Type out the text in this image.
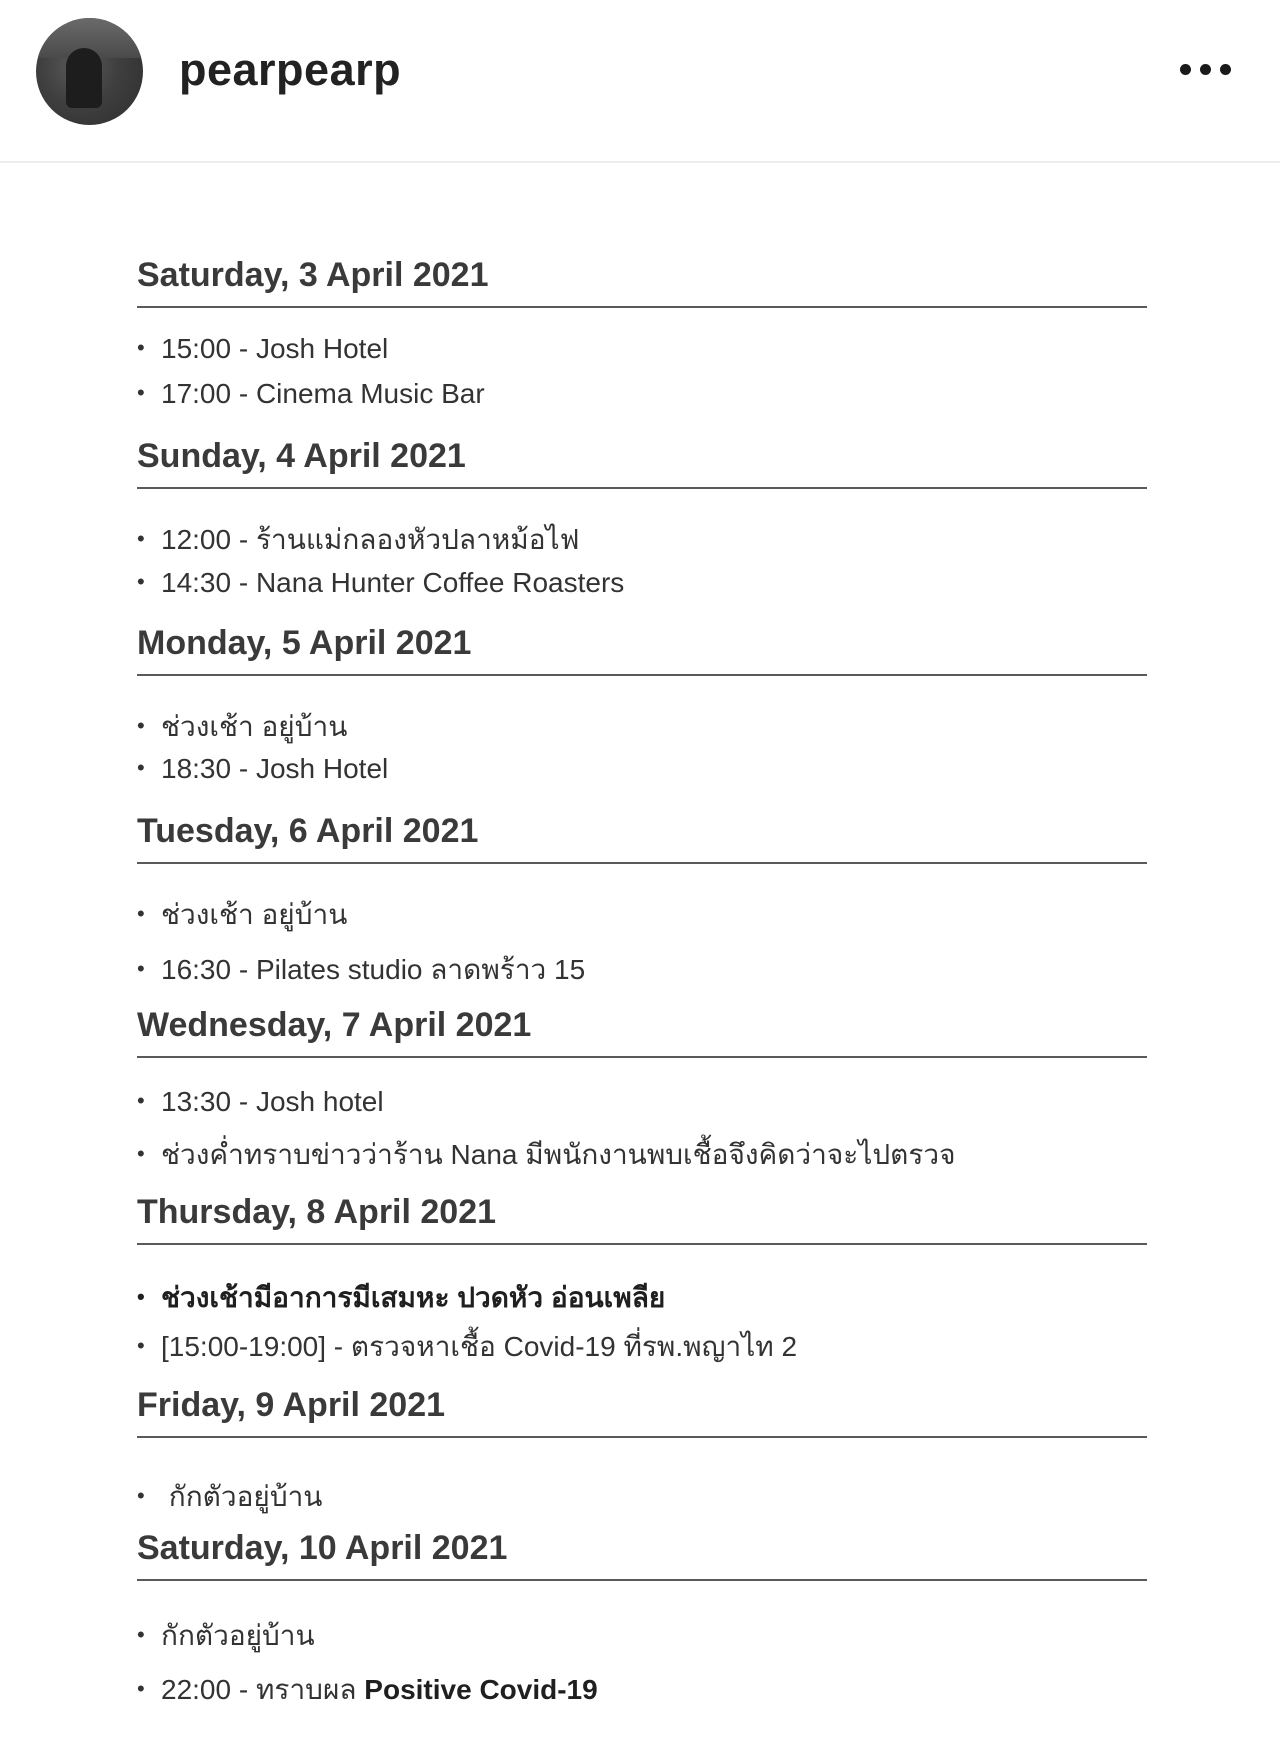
pearpearp
Saturday, 3 April 2021
• 15:00 - Josh Hotel
• 17:00 - Cinema Music Bar
Sunday, 4 April 2021
• 12:00 - ร้านแม่กลองหัวปลาหม้อไฟ
• 14:30 - Nana Hunter Coffee Roasters
Monday, 5 April 2021
• ช่วงเช้า อยู่บ้าน
• 18:30 - Josh Hotel
Tuesday, 6 April 2021
• ช่วงเช้า อยู่บ้าน
• 16:30 - Pilates studio ลาดพร้าว 15
Wednesday, 7 April 2021
• 13:30 - Josh hotel
• ช่วงค่ำทราบข่าวว่าร้าน Nana มีพนักงานพบเชื้อจึงคิดว่าจะไปตรวจ
Thursday, 8 April 2021
• ช่วงเช้ามีอาการมีเสมหะ ปวดหัว อ่อนเพลีย
• [15:00-19:00] - ตรวจหาเชื้อ Covid-19 ที่รพ.พญาไท 2
Friday, 9 April 2021
• กักตัวอยู่บ้าน
Saturday, 10 April 2021
• กักตัวอยู่บ้าน
• 22:00 - ทราบผล Positive Covid-19
